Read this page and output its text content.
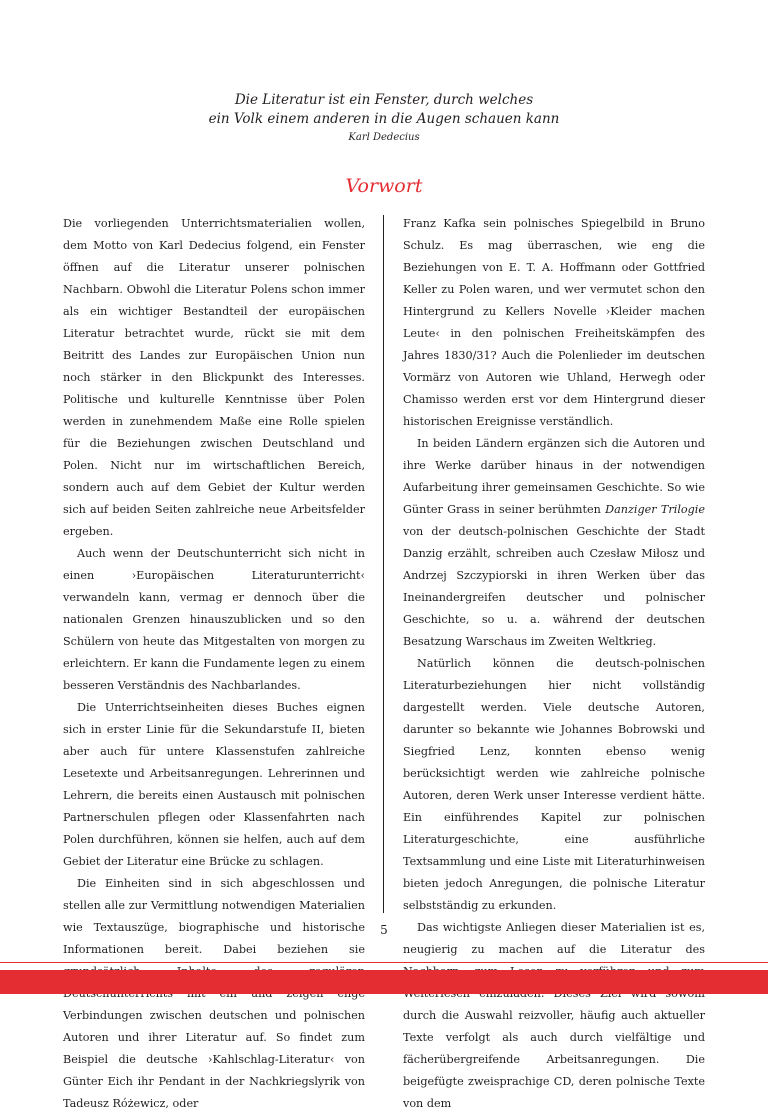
Die Literatur ist ein Fenster, durch welches
ein Volk einem anderen in die Augen schauen kann
Karl Dedecius
Vorwort

Die vorliegenden Unterrichtsmaterialien wollen, dem Motto von Karl Dedecius folgend, ein Fenster öffnen auf die Literatur unserer polnischen Nachbarn. Obwohl die Literatur Polens schon immer als ein wichtiger Bestandteil der europäischen Literatur betrachtet wurde, rückt sie mit dem Beitritt des Landes zur Europäischen Union nun noch stärker in den Blickpunkt des Interesses. Politische und kulturelle Kenntnisse über Polen werden in zunehmendem Maße eine Rolle spielen für die Beziehungen zwischen Deutschland und Polen. Nicht nur im wirtschaftlichen Bereich, sondern auch auf dem Gebiet der Kultur werden sich auf beiden Seiten zahlreiche neue Arbeitsfelder ergeben.

Auch wenn der Deutschunterricht sich nicht in einen ›Europäischen Literaturunterricht‹ verwandeln kann, vermag er dennoch über die nationalen Grenzen hinauszublicken und so den Schülern von heute das Mitgestalten von morgen zu erleichtern. Er kann die Fundamente legen zu einem besseren Verständnis des Nachbarlandes.

Die Unterrichtseinheiten dieses Buches eignen sich in erster Linie für die Sekundarstufe II, bieten aber auch für untere Klassenstufen zahlreiche Lesetexte und Arbeitsanregungen. Lehrerinnen und Lehrern, die bereits einen Austausch mit polnischen Partnerschulen pflegen oder Klassenfahrten nach Polen durchführen, können sie helfen, auch auf dem Gebiet der Literatur eine Brücke zu schlagen.

Die Einheiten sind in sich abgeschlossen und stellen alle zur Vermittlung notwendigen Materialien wie Textauszüge, biographische und historische Informationen bereit. Dabei beziehen sie Verbindungen zwischen deutschen und polnischen Autoren und ihrer Literatur auf. So findet zum Beispiel die deutsche ›Kahlschlag-Literatur‹ von Günter Eich ihr Pendant in der Nachkriegslyrik von Tadeusz Różewicz, oder

Franz Kafka sein polnisches Spiegelbild in Bruno Schulz. Es mag überraschen, wie eng die Beziehungen von E. T. A. Hoffmann oder Gottfried Keller zu Polen waren, und wer vermutet schon den Hintergrund zu Kellers Novelle ›Kleider machen Leute‹ in den polnischen Freiheitskämpfen des Jahres 1830/31? Auch die Polenlieder im deutschen Vormärz von Autoren wie Uhland, Herwegh oder Chamisso werden erst vor dem Hintergrund dieser historischen Ereignisse verständlich.

In beiden Ländern ergänzen sich die Autoren und ihre Werke darüber hinaus in der notwendigen Aufarbeitung ihrer gemeinsamen Geschichte. So wie Günter Grass in seiner berühmten Danziger Trilogie von der deutsch-polnischen Geschichte der Stadt Danzig erzählt, schreiben auch Czesław Miłosz und Andrzej Szczypiorski in ihren Werken über das Ineinandergreifen deutscher und polnischer Geschichte, so u. a. während der deutschen Besatzung Warschaus im Zweiten Weltkrieg.

Natürlich können die deutsch-polnischen Literaturbeziehungen hier nicht vollständig dargestellt werden. Viele deutsche Autoren, darunter so bekannte wie Johannes Bobrowski und Siegfried Lenz, konnten ebenso wenig berücksichtigt werden wie zahlreiche polnische Autoren, deren Werk unser Interesse verdient hätte. Ein einführendes Kapitel zur polnischen Literaturgeschichte, eine ausführliche Textsammlung und eine Liste mit Literaturhinweisen bieten jedoch Anregungen, die polnische Literatur selbstständig zu erkunden.

Das wichtigste Anliegen dieser Materialien ist es, neugierig zu machen auf die Literatur des durch die Auswahl reizvoller, häufig auch aktueller Texte verfolgt als auch durch vielfältige und fächerübergreifende Arbeitsanregungen. Die beigefügte zweisprachige CD, deren polnische Texte von dem

5
